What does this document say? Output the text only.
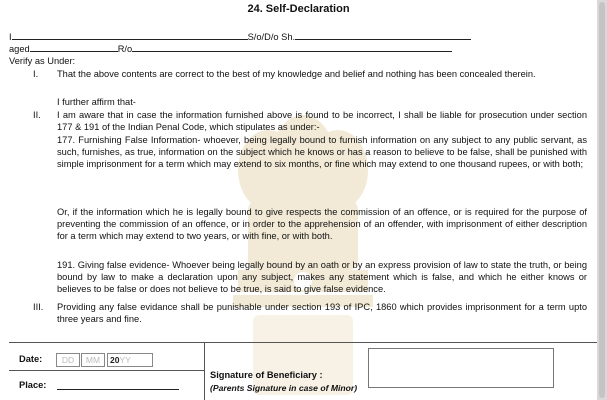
24. Self-Declaration
I	S/o/D/o Sh.
aged	R/o
Verify as Under:
I. That the above contents are correct to the best of my knowledge and belief and nothing has been concealed therein.
I further affirm that-
II. I am aware that in case the information furnished above is found to be incorrect, I shall be liable for prosecution under section 177 & 191 of the Indian Penal Code, which stipulates as under:-
177. Furnishing False Information- whoever, being legally bound to furnish information on any subject to any public servant, as such, furnishes, as true, information on the subject which he knows or has a reason to believe to be false, shall be punished with simple imprisonment for a term which may extend to six months, or fine which may extend to one thousand rupees, or with both;
Or, if the information which he is legally bound to give respects the commission of an offence, or is required for the purpose of preventing the commission of an offence, or in order to the apprehension of an offender, with imprisonment of either description for a term which may extend to two years, or with fine, or with both.
191. Giving false evidence- Whoever being legally bound by an oath or by an express provision of law to state the truth, or being bound by law to make a declaration upon any subject, makes any statement which is false, and which he either knows or believes to be false or does not believe to be true, is said to give false evidence.
III. Providing any false evidance shall be punishable under section 193 of IPC, 1860 which provides imprisonment for a term upto three years and fine.
Date:	DD	MM	20YY
Place:
Signature of Beneficiary :
(Parents Signature in case of Minor)
